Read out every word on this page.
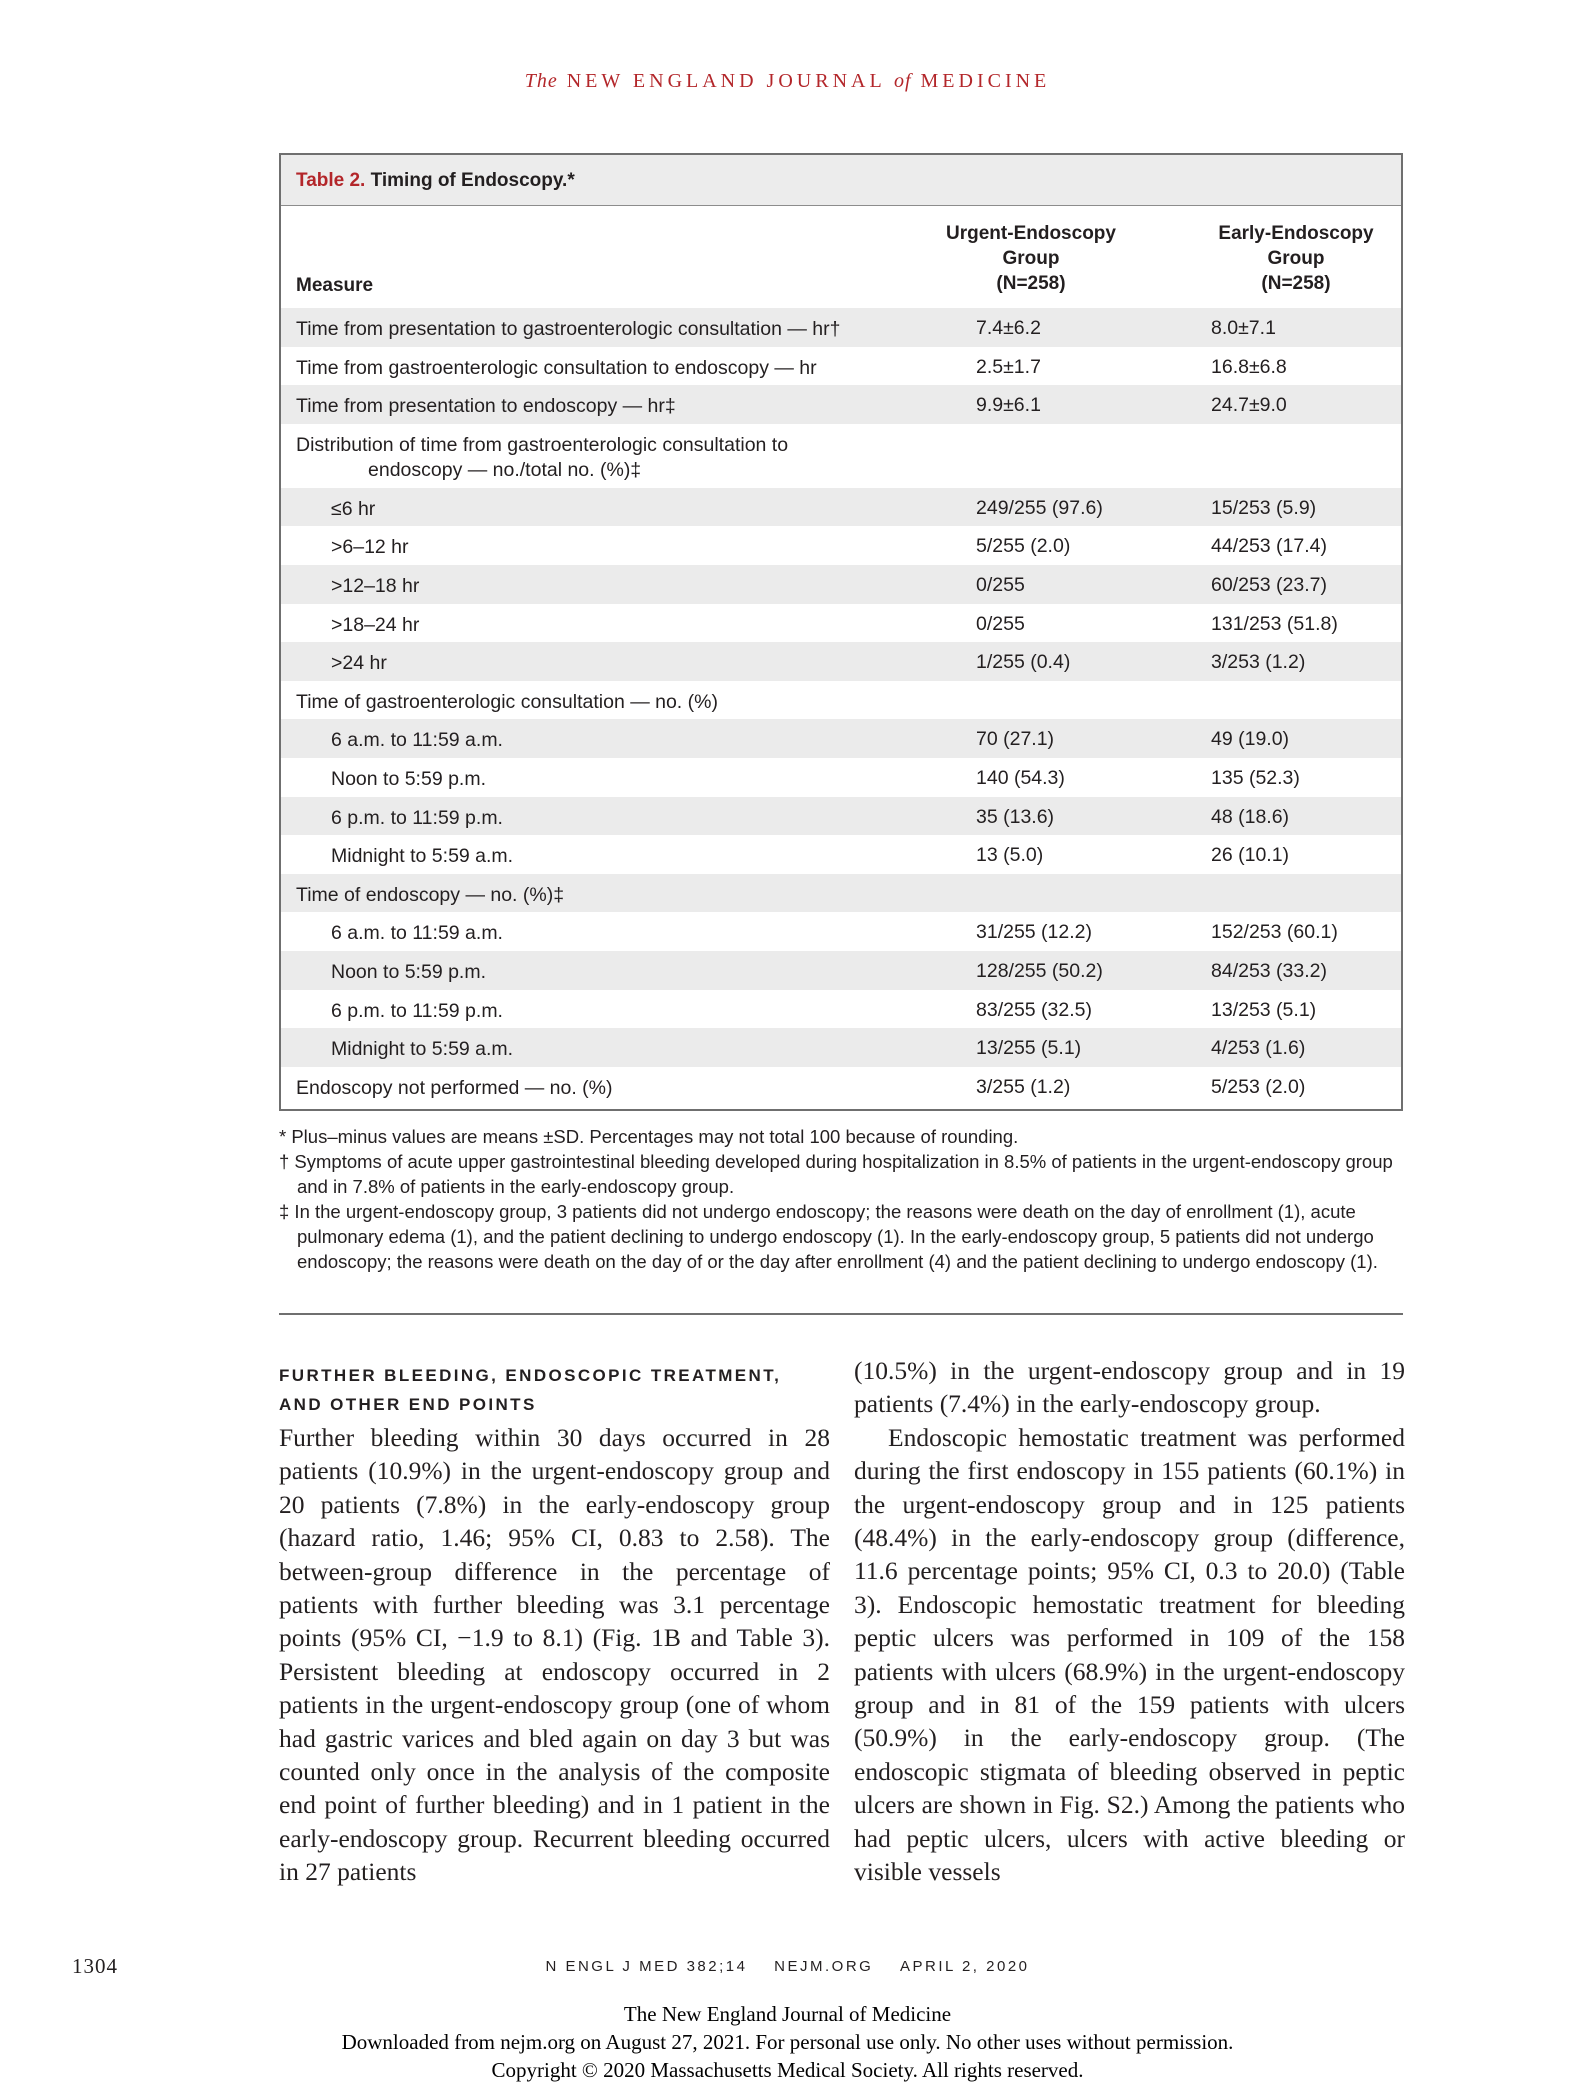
The NEW ENGLAND JOURNAL of MEDICINE
Table 2. Timing of Endoscopy.*
Measure
Urgent-Endoscopy
Group
(N=258)
Early-Endoscopy
Group
(N=258)
Time from presentation to gastroenterologic consultation — hr†	7.4±6.2	8.0±7.1
Time from gastroenterologic consultation to endoscopy — hr	2.5±1.7	16.8±6.8
Time from presentation to endoscopy — hr‡	9.9±6.1	24.7±9.0
Distribution of time from gastroenterologic consultation to
endoscopy — no./total no. (%)‡
≤6 hr	249/255 (97.6)	15/253 (5.9)
>6–12 hr	5/255 (2.0)	44/253 (17.4)
>12–18 hr	0/255	60/253 (23.7)
>18–24 hr	0/255	131/253 (51.8)
>24 hr	1/255 (0.4)	3/253 (1.2)
Time of gastroenterologic consultation — no. (%)
6 a.m. to 11:59 a.m.	70 (27.1)	49 (19.0)
Noon to 5:59 p.m.	140 (54.3)	135 (52.3)
6 p.m. to 11:59 p.m.	35 (13.6)	48 (18.6)
Midnight to 5:59 a.m.	13 (5.0)	26 (10.1)
Time of endoscopy — no. (%)‡
6 a.m. to 11:59 a.m.	31/255 (12.2)	152/253 (60.1)
Noon to 5:59 p.m.	128/255 (50.2)	84/253 (33.2)
6 p.m. to 11:59 p.m.	83/255 (32.5)	13/253 (5.1)
Midnight to 5:59 a.m.	13/255 (5.1)	4/253 (1.6)
Endoscopy not performed — no. (%)	3/255 (1.2)	5/253 (2.0)

* Plus–minus values are means ±SD. Percentages may not total 100 because of rounding.

† Symptoms of acute upper gastrointestinal bleeding developed during hospitalization in 8.5% of patients in the urgent-endoscopy group and in 7.8% of patients in the early-endoscopy group.

‡ In the urgent-endoscopy group, 3 patients did not undergo endoscopy; the reasons were death on the day of enrollment (1), acute pulmonary edema (1), and the patient declining to undergo endoscopy (1). In the early-endoscopy group, 5 patients did not undergo endoscopy; the reasons were death on the day of or the day after enrollment (4) and the patient declining to undergo endoscopy (1).

FURTHER BLEEDING, ENDOSCOPIC TREATMENT,
AND OTHER END POINTS

Further bleeding within 30 days occurred in 28 patients (10.9%) in the urgent-endoscopy group and 20 patients (7.8%) in the early-endoscopy group (hazard ratio, 1.46; 95% CI, 0.83 to 2.58). The between-group difference in the percentage of patients with further bleeding was 3.1 percentage points (95% CI, −1.9 to 8.1) (Fig. 1B and Table 3). Persistent bleeding at endoscopy occurred in 2 patients in the urgent-endoscopy group (one of whom had gastric varices and bled again on day 3 but was counted only once in the analysis of the composite end point of further bleeding) and in 1 patient in the early-endoscopy group. Recurrent bleeding occurred in 27 patients

(10.5%) in the urgent-endoscopy group and in 19 patients (7.4%) in the early-endoscopy group.

Endoscopic hemostatic treatment was performed during the first endoscopy in 155 patients (60.1%) in the urgent-endoscopy group and in 125 patients (48.4%) in the early-endoscopy group (difference, 11.6 percentage points; 95% CI, 0.3 to 20.0) (Table 3). Endoscopic hemostatic treatment for bleeding peptic ulcers was performed in 109 of the 158 patients with ulcers (68.9%) in the urgent-endoscopy group and in 81 of the 159 patients with ulcers (50.9%) in the early-endoscopy group. (The endoscopic stigmata of bleeding observed in peptic ulcers are shown in Fig. S2.) Among the patients who had peptic ulcers, ulcers with active bleeding or visible vessels

1304	N ENGL J MED 382;14 NEJM.ORG APRIL 2, 2020
The New England Journal of Medicine
Downloaded from nejm.org on August 27, 2021. For personal use only. No other uses without permission.
Copyright © 2020 Massachusetts Medical Society. All rights reserved.
